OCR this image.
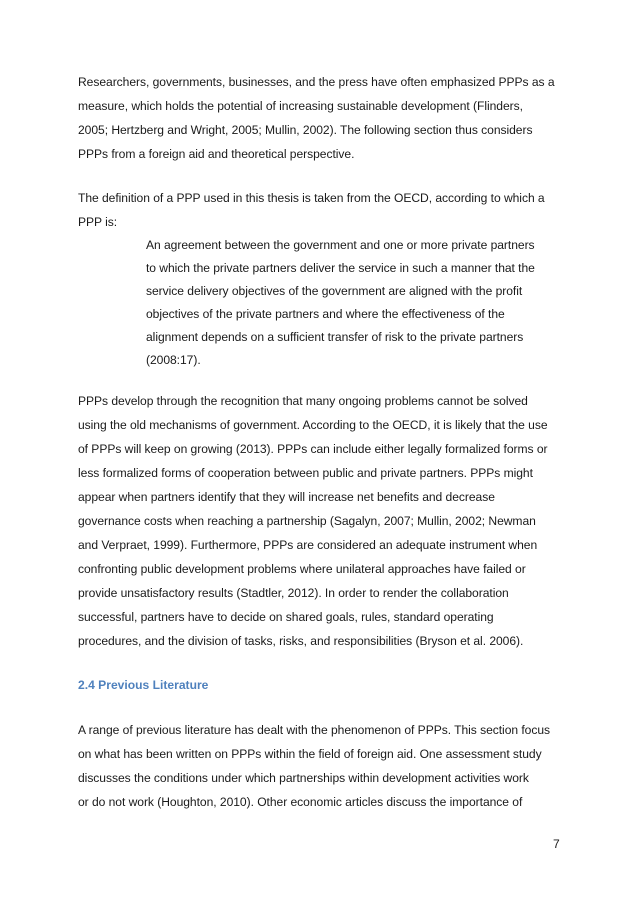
Researchers, governments, businesses, and the press have often emphasized PPPs as a
measure, which holds the potential of increasing sustainable development (Flinders,
2005; Hertzberg and Wright, 2005; Mullin, 2002). The following section thus considers
PPPs from a foreign aid and theoretical perspective.
The definition of a PPP used in this thesis is taken from the OECD, according to which a
PPP is:
An agreement between the government and one or more private partners
to which the private partners deliver the service in such a manner that the
service delivery objectives of the government are aligned with the profit
objectives of the private partners and where the effectiveness of the
alignment depends on a sufficient transfer of risk to the private partners
(2008:17).
PPPs develop through the recognition that many ongoing problems cannot be solved
using the old mechanisms of government. According to the OECD, it is likely that the use
of PPPs will keep on growing (2013). PPPs can include either legally formalized forms or
less formalized forms of cooperation between public and private partners. PPPs might
appear when partners identify that they will increase net benefits and decrease
governance costs when reaching a partnership (Sagalyn, 2007; Mullin, 2002; Newman
and Verpraet, 1999). Furthermore, PPPs are considered an adequate instrument when
confronting public development problems where unilateral approaches have failed or
provide unsatisfactory results (Stadtler, 2012). In order to render the collaboration
successful, partners have to decide on shared goals, rules, standard operating
procedures, and the division of tasks, risks, and responsibilities (Bryson et al. 2006).
2.4 Previous Literature
A range of previous literature has dealt with the phenomenon of PPPs. This section focus
on what has been written on PPPs within the field of foreign aid. One assessment study
discusses the conditions under which partnerships within development activities work
or do not work (Houghton, 2010). Other economic articles discuss the importance of
7
